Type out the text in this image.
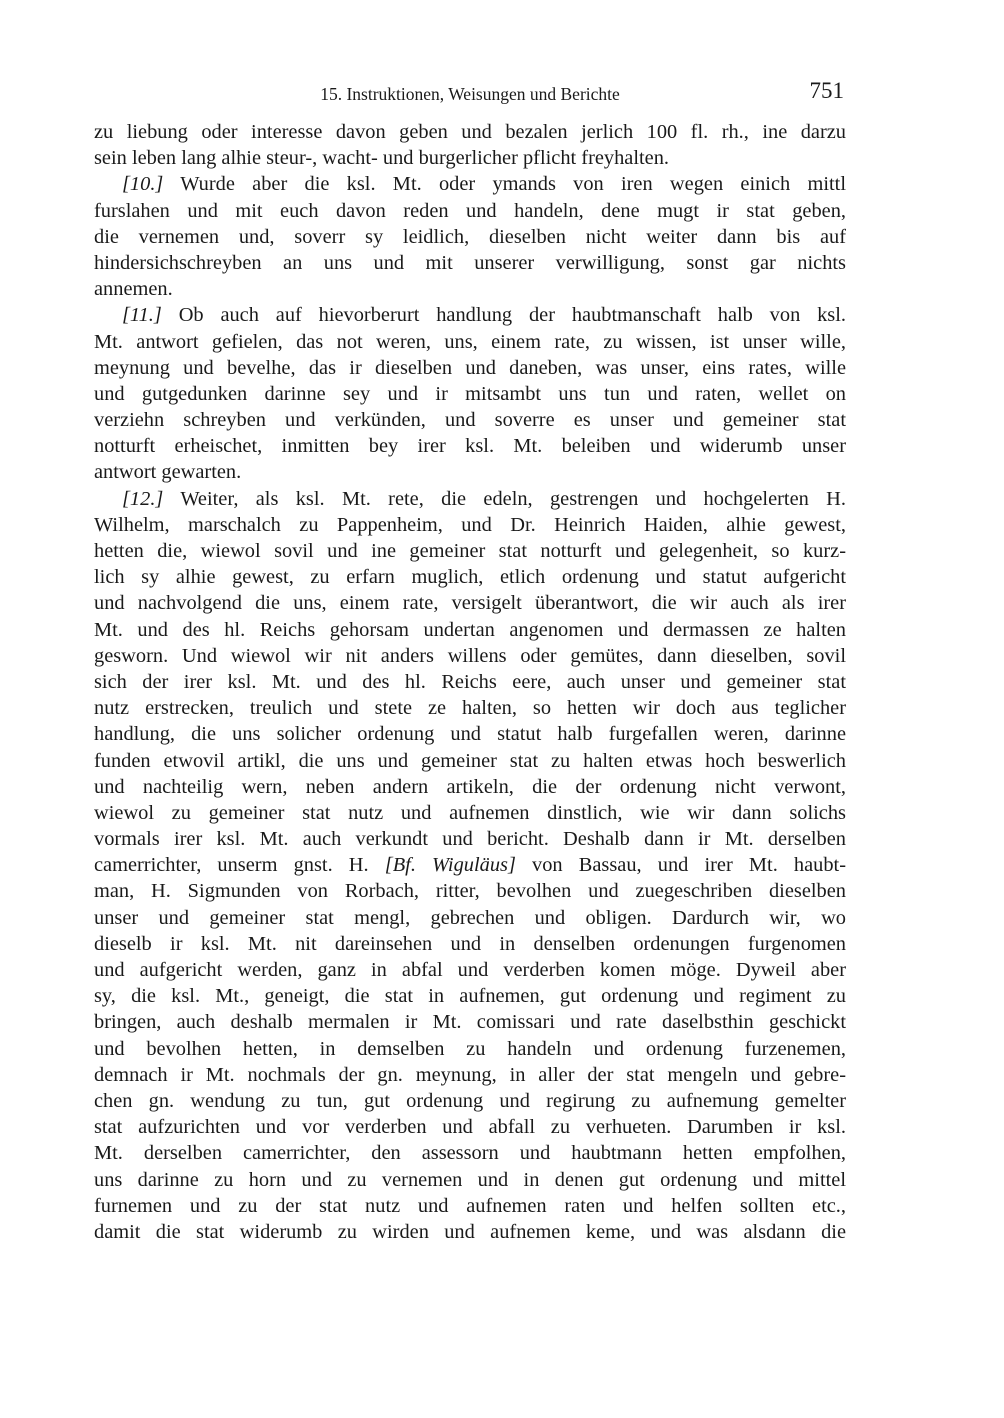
15. Instruktionen, Weisungen und Berichte	751
zu liebung oder interesse davon geben und bezalen jerlich 100 fl. rh., ine darzu
sein leben lang alhie steur-, wacht- und burgerlicher pflicht freyhalten.
[10.] Wurde aber die ksl. Mt. oder ymands von iren wegen einich mittl
furslahen und mit euch davon reden und handeln, dene mugt ir stat geben,
die vernemen und, soverr sy leidlich, dieselben nicht weiter dann bis auf
hindersichschreyben an uns und mit unserer verwilligung, sonst gar nichts
annemen.
[11.] Ob auch auf hievorberurt handlung der haubtmanschaft halb von ksl.
Mt. antwort gefielen, das not weren, uns, einem rate, zu wissen, ist unser wille,
meynung und bevelhe, das ir dieselben und daneben, was unser, eins rates, wille
und gutgedunken darinne sey und ir mitsambt uns tun und raten, wellet on
verziehn schreyben und verkünden, und soverre es unser und gemeiner stat
notturft erheischet, inmitten bey irer ksl. Mt. beleiben und widerumb unser
antwort gewarten.
[12.] Weiter, als ksl. Mt. rete, die edeln, gestrengen und hochgelerten H.
Wilhelm, marschalch zu Pappenheim, und Dr. Heinrich Haiden, alhie gewest,
hetten die, wiewol sovil und ine gemeiner stat notturft und gelegenheit, so kurz-
lich sy alhie gewest, zu erfarn muglich, etlich ordenung und statut aufgericht
und nachvolgend die uns, einem rate, versigelt überantwort, die wir auch als irer
Mt. und des hl. Reichs gehorsam undertan angenomen und dermassen ze halten
gesworn. Und wiewol wir nit anders willens oder gemütes, dann dieselben, sovil
sich der irer ksl. Mt. und des hl. Reichs eere, auch unser und gemeiner stat
nutz erstrecken, treulich und stete ze halten, so hetten wir doch aus teglicher
handlung, die uns solicher ordenung und statut halb furgefallen weren, darinne
funden etwovil artikl, die uns und gemeiner stat zu halten etwas hoch beswerlich
und nachteilig wern, neben andern artikeln, die der ordenung nicht verwont,
wiewol zu gemeiner stat nutz und aufnemen dinstlich, wie wir dann solichs
vormals irer ksl. Mt. auch verkundt und bericht. Deshalb dann ir Mt. derselben
camerrichter, unserm gnst. H. [Bf. Wiguläus] von Bassau, und irer Mt. haubt-
man, H. Sigmunden von Rorbach, ritter, bevolhen und zuegeschriben dieselben
unser und gemeiner stat mengl, gebrechen und obligen. Dardurch wir, wo
dieselb ir ksl. Mt. nit dareinsehen und in denselben ordenungen furgenomen
und aufgericht werden, ganz in abfal und verderben komen möge. Dyweil aber
sy, die ksl. Mt., geneigt, die stat in aufnemen, gut ordenung und regiment zu
bringen, auch deshalb mermalen ir Mt. comissari und rate daselbsthin geschickt
und bevolhen hetten, in demselben zu handeln und ordenung furzenemen,
demnach ir Mt. nochmals der gn. meynung, in aller der stat mengeln und gebre-
chen gn. wendung zu tun, gut ordenung und regirung zu aufnemung gemelter
stat aufzurichten und vor verderben und abfall zu verhueten. Darumben ir ksl.
Mt. derselben camerrichter, den assessorn und haubtmann hetten empfolhen,
uns darinne zu horn und zu vernemen und in denen gut ordenung und mittel
furnemen und zu der stat nutz und aufnemen raten und helfen sollten etc.,
damit die stat widerumb zu wirden und aufnemen keme, und was alsdann die
